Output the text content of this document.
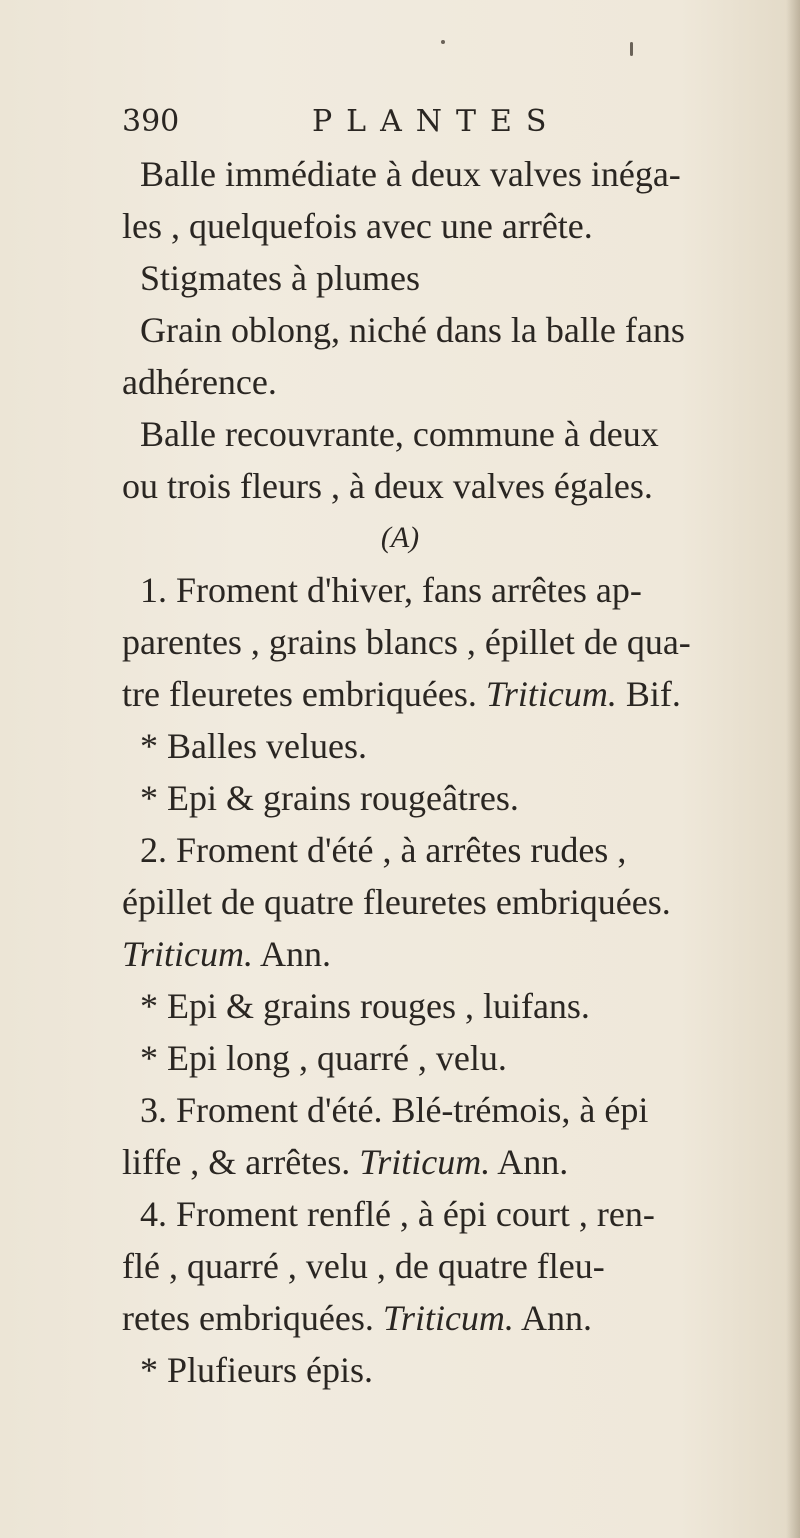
390	PLANTES
Balle immédiate à deux valves inéga-
les , quelquefois avec une arrête.
Stigmates à plumes
Grain oblong, niché dans la balle fans
adhérence.
Balle recouvrante, commune à deux
ou trois fleurs , à deux valves égales.
(A)
1. Froment d'hiver, fans arrêtes ap-
parentes , grains blancs , épillet de qua-
tre fleuretes embriquées. Triticum. Bif.
* Balles velues.
* Epi & grains rougeâtres.
2. Froment d'été , à arrêtes rudes ,
épillet de quatre fleuretes embriquées.
Triticum. Ann.
* Epi & grains rouges , luifans.
* Epi long , quarré , velu.
3. Froment d'été. Blé-trémois, à épi
liffe , & arrêtes. Triticum. Ann.
4. Froment renflé , à épi court , ren-
flé , quarré , velu , de quatre fleu-
retes embriquées. Triticum. Ann.
* Plufieurs épis.
